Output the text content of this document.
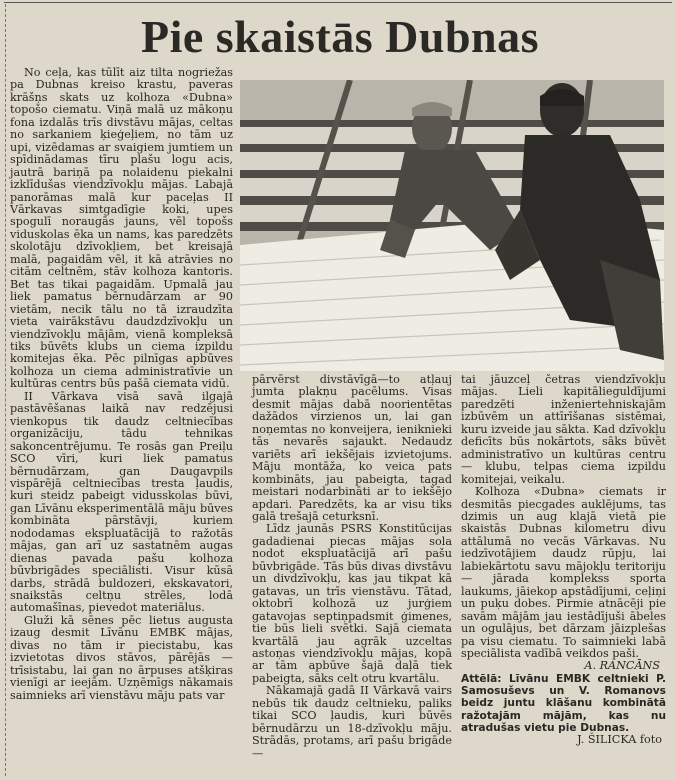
Pie skaistās Dubnas

No ceļa, kas tūlīt aiz tilta nogriežas pa Dubnas kreiso krastu, paveras krāšņs skats uz kolhoza «Dubna» topošo ciematu. Viņā malā uz mākoņu fona izdalās trīs divstāvu mājas, celtas no sarkaniem ķieģeļiem, no tām uz upi, vizēdamas ar svaigiem jumtiem un spīdinādamas tīru plašu logu acis, jautrā bariņā pa nolaidenu piekalni izklīdušas viendzīvokļu mājas. Labajā panorāmas malā kur paceļas II Vārkavas simtgadīgie koki, upes spogulī noraugās jauns, vēl topošs viduskolas ēka un nams, kas paredzēts skolotāju dzīvokļiem, bet kreisajā malā, pagaidām vēl, it kā atrāvies no citām celtnēm, stāv kolhoza kantoris. Bet tas tikai pagaidām. Upmalā jau liek pamatus bērnudārzam ar 90 vietām, necik tālu no tā izraudzīta vieta vairākstāvu daudzdzīvokļu un viendzīvokļu mājām, vienā kompleksā tiks būvēts klubs un ciema izpildu komitejas ēka. Pēc pilnīgas apbūves kolhoza un ciema administratīvie un kultūras centrs būs pašā ciemata vidū.

II Vārkava visā savā ilgajā pastāvēšanas laikā nav redzējusi vienkopus tik daudz celtniecības organizāciju, tādu tehnikas sakoncentrējumu. Te rosās gan Preiļu SCO vīri, kuri liek pamatus bērnudārzam, gan Daugavpils vispārējā celtniecības tresta ļaudis, kuri steidz pabeigt vidusskolas būvi, gan Līvānu eksperimentālā māju būves kombināta pārstāvji, kuriem nododamas ekspluatācijā to ražotās mājas, gan arī uz sastatnēm augas dienas pavada pašu kolhoza būvbrigādes speciālisti. Visur kūsā darbs, strādā buldozeri, ekskavatori, snaikstās celtņu strēles, lodā automašīnas, pievedot materiālus.

Gluži kā sēnes pēc lietus augusta izaug desmit Līvānu EMBK mājas, divas no tām ir piecistabu, kas izvietotas divos stāvos, pārējās — trīsistabu, lai gan no ārpuses atšķiras vienīgi ar ieejām. Uzņēmīgs nākamais saimnieks arī vienstāvu māju pats var

pārvērst divstāvīgā—to atļauj jumta plakņu pacēlums. Visas desmit mājas dabā noorientētas dažādos virzienos un, lai gan noņemtas no konveijera, ieniknieki tās nevarēs sajaukt. Nedaudz variēts arī iekšējais izvietojums. Māju montāža, ko veica pats kombināts, jau pabeigta, tagad meistari nodarbināti ar to iekšējo apdari. Paredzēts, ka ar visu tiks galā trešajā ceturksnī.

Līdz jaunās PSRS Konstitūcijas gadadienai piecas mājas sola nodot ekspluatācijā arī pašu būvbrigāde. Tās būs divas divstāvu un divdzīvokļu, kas jau tikpat kā gatavas, un trīs vienstāvu. Tātad, oktobrī kolhozā uz jurģiem gatavojas septiņpadsmit ģimenes, tie būs lieli svētki. Sajā ciemata kvartālā jau agrāk uzceltas astoņas viendzīvokļu mājas, kopā ar tām apbūve šajā daļā tiek pabeigta, sāks celt otru kvartālu.

Nākamajā gadā II Vārkavā vairs nebūs tik daudz celtnieku, paliks tikai SCO ļaudis, kuri būvēs bērnudārzu un 18-dzīvokļu māju. Strādās, protams, arī pašu brigāde —

tai jāuzceļ četras viendzīvokļu mājas. Lieli kapitālieguldījumi paredzēti inženiertehniskajām izbūvēm un attīrīšanas sistēmai, kuru izveide jau sākta. Kad dzīvokļu deficīts būs nokārtots, sāks būvēt administratīvo un kultūras centru — klubu, telpas ciema izpildu komitejai, veikalu.

Kolhoza «Dubna» ciemats ir desmitās piecgades auklējums, tas dzimis un aug klajā vietā pie skaistās Dubnas kilometru divu attālumā no vecās Vārkavas. Nu iedzīvotājiem daudz rūpju, lai labiekārtotu savu mājokļu teritoriju — jārada komplekss sporta laukums, jāiekop apstādījumi, ceļiņi un puķu dobes. Pirmie atnācēji pie savām mājām jau iestādījuši ābeles un ogulājus, bet dārzam jāizplešas pa visu ciematu. To saimnieki labā speciālista vadībā veikdos paši.

A. RANCĀNS

Attēlā: Līvānu EMBK celtnieki P. Samosuševs un V. Romanovs beidz juntu klāšanu kombinātā ražotajām mājām, kas nu atradušas vietu pie Dubnas.

J. ŠILICKA foto
